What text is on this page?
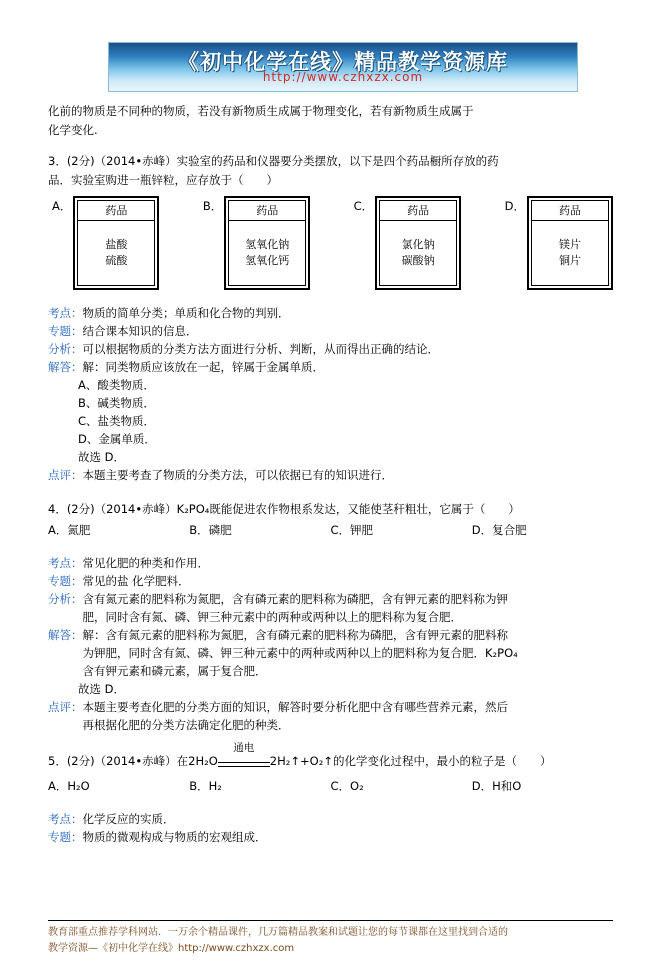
《初中化学在线》精品教学资源库
http://www.czhxzx.com
化前的物质是不同种的物质，若没有新物质生成属于物理变化，若有新物质生成属于
化学变化.
3．(2分)（2014•赤峰）实验室的药品和仪器要分类摆放，以下是四个药品橱所存放的药
品．实验室购进一瓶锌粒，应存放于（　　）
A．	药品
盐酸
硫酸
B．	药品
氢氧化钠
氢氧化钙
C．	药品
氯化钠
碳酸钠
D．	药品
镁片
铜片
考点： 物质的简单分类；单质和化合物的判别．
专题： 结合课本知识的信息．
分析： 可以根据物质的分类方法方面进行分析、判断，从而得出正确的结论．
解答： 解：同类物质应该放在一起，锌属于金属单质．
A、酸类物质．
B、碱类物质．
C、盐类物质．
D、金属单质．
故选 D．
点评： 本题主要考查了物质的分类方法，可以依据已有的知识进行．
4．(2分)（2014•赤峰）K₂PO₄既能促进农作物根系发达，又能使茎秆粗壮，它属于（　　）
A．氮肥	B．磷肥	C．钾肥	D．复合肥
考点： 常见化肥的种类和作用．
专题： 常见的盐 化学肥料．
分析： 含有氮元素的肥料称为氮肥，含有磷元素的肥料称为磷肥，含有钾元素的肥料称为钾
肥，同时含有氮、磷、钾三种元素中的两种或两种以上的肥料称为复合肥．
解答： 解：含有氮元素的肥料称为氮肥，含有磷元素的肥料称为磷肥，含有钾元素的肥料称
为钾肥，同时含有氮、磷、钾三种元素中的两种或两种以上的肥料称为复合肥．K₂PO₄
含有钾元素和磷元素，属于复合肥．
故选 D．
点评： 本题主要考查化肥的分类方面的知识，解答时要分析化肥中含有哪些营养元素，然后
再根据化肥的分类方法确定化肥的种类．
5．(2分)（2014•赤峰）在2H₂O
通电
2H₂↑+O₂↑的化学变化过程中，最小的粒子是（　　）
A．H₂O	B．H₂	C．O₂	D．H和O
考点： 化学反应的实质．
专题： 物质的微观构成与物质的宏观组成．
教育部重点推荐学科网站．一万余个精品课件，几万篇精品教案和试题让您的每节课都在这里找到合适的
教学资源—《初中化学在线》http://www.czhxzx.com
